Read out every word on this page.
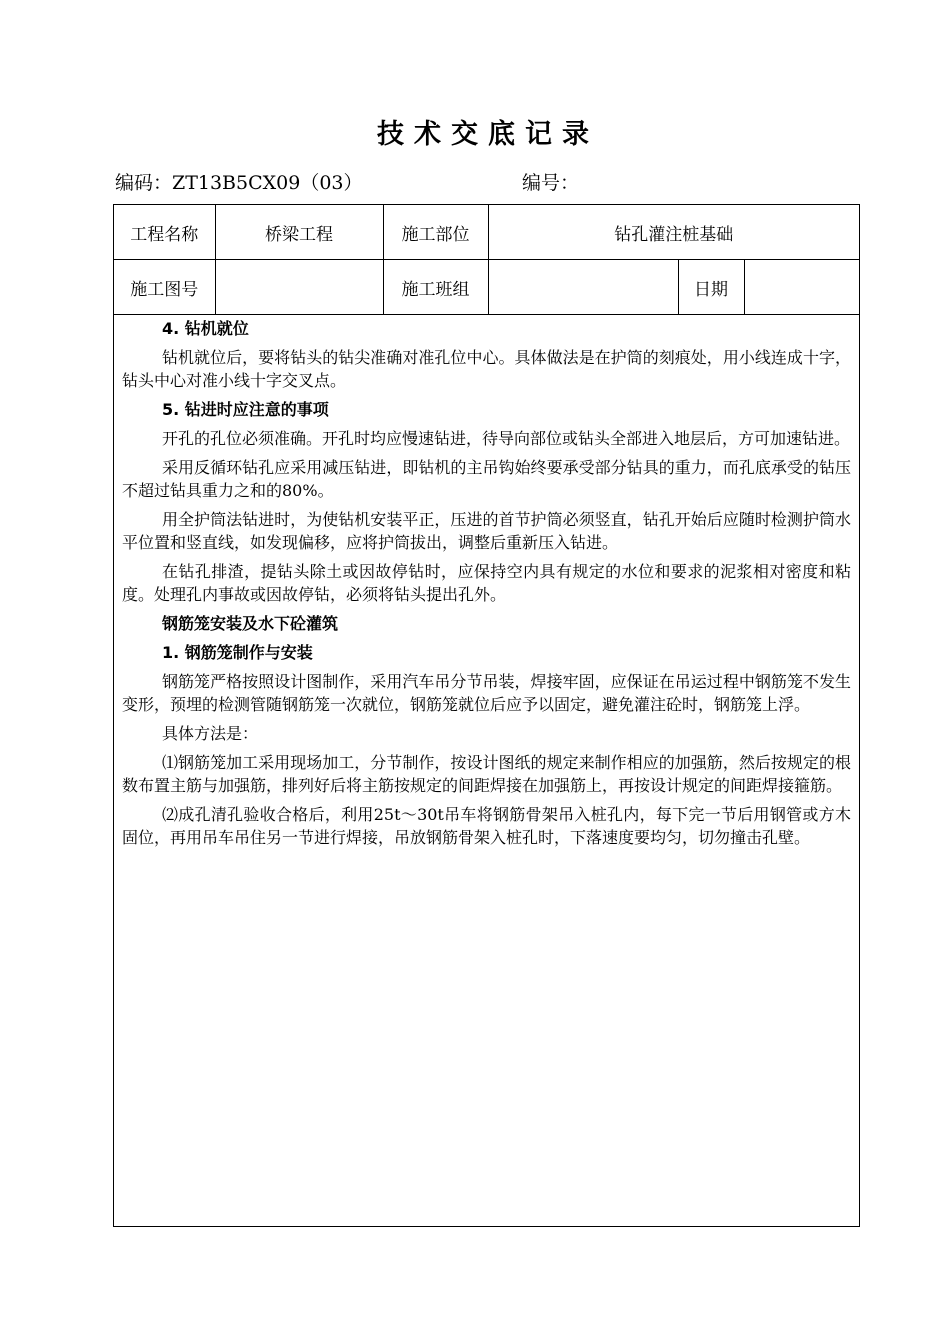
技术交底记录
编码：ZT13B5CX09（03）	编号：
工程名称	桥梁工程	施工部位	钻孔灌注桩基础		
施工图号		施工班组		日期	

4. 钻机就位

钻机就位后，要将钻头的钻尖准确对准孔位中心。具体做法是在护筒的刻痕处，用小线连成十字，钻头中心对准小线十字交叉点。

5. 钻进时应注意的事项

开孔的孔位必须准确。开孔时均应慢速钻进，待导向部位或钻头全部进入地层后，方可加速钻进。

采用反循环钻孔应采用减压钻进，即钻机的主吊钩始终要承受部分钻具的重力，而孔底承受的钻压不超过钻具重力之和的80%。

用全护筒法钻进时，为使钻机安装平正，压进的首节护筒必须竖直，钻孔开始后应随时检测护筒水平位置和竖直线，如发现偏移，应将护筒拔出，调整后重新压入钻进。

在钻孔排渣，提钻头除土或因故停钻时，应保持空内具有规定的水位和要求的泥浆相对密度和粘度。处理孔内事故或因故停钻，必须将钻头提出孔外。

钢筋笼安装及水下砼灌筑

1. 钢筋笼制作与安装

钢筋笼严格按照设计图制作，采用汽车吊分节吊装，焊接牢固，应保证在吊运过程中钢筋笼不发生变形，预埋的检测管随钢筋笼一次就位，钢筋笼就位后应予以固定，避免灌注砼时，钢筋笼上浮。

具体方法是：

⑴钢筋笼加工采用现场加工，分节制作，按设计图纸的规定来制作相应的加强筋，然后按规定的根数布置主筋与加强筋，排列好后将主筋按规定的间距焊接在加强筋上，再按设计规定的间距焊接箍筋。

⑵成孔清孔验收合格后，利用25t～30t吊车将钢筋骨架吊入桩孔内，每下完一节后用钢管或方木固位，再用吊车吊住另一节进行焊接，吊放钢筋骨架入桩孔时，下落速度要均匀，切勿撞击孔壁。
